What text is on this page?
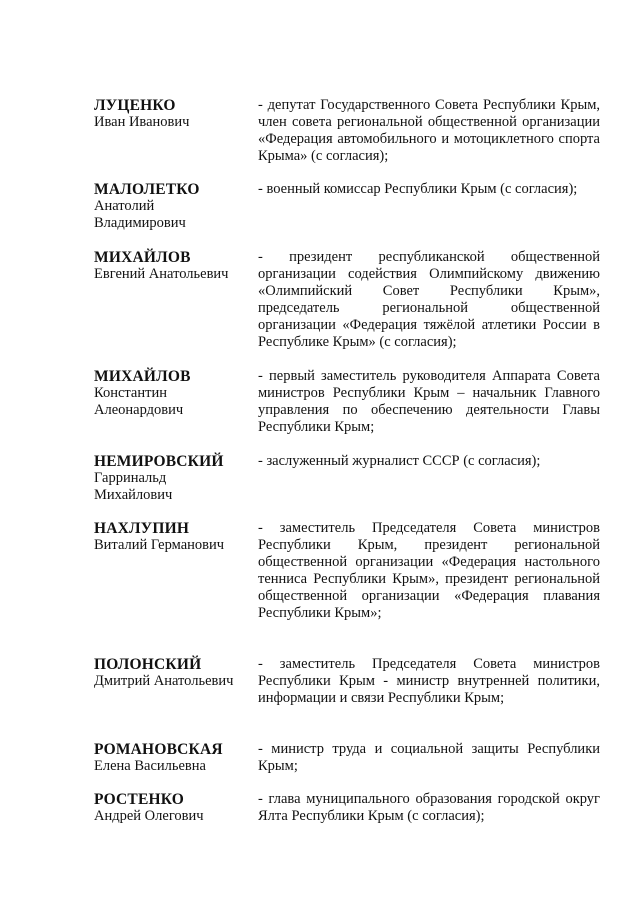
ЛУЦЕНКО
Иван Иванович
- депутат Государственного Совета Республики Крым, член совета региональной общественной организации «Федерация автомобильного и мотоциклетного спорта Крыма» (с согласия);
МАЛОЛЕТКО
Анатолий
Владимирович
- военный комиссар Республики Крым (с согласия);
МИХАЙЛОВ
Евгений Анатольевич
- президент республиканской общественной организации содействия Олимпийскому движению «Олимпийский Совет Республики Крым», председатель региональной общественной организации «Федерация тяжёлой атлетики России в Республике Крым» (с согласия);
МИХАЙЛОВ
Константин
Алеонардович
- первый заместитель руководителя Аппарата Совета министров Республики Крым – начальник Главного управления по обеспечению деятельности Главы Республики Крым;
НЕМИРОВСКИЙ
Гарринальд
Михайлович
- заслуженный журналист СССР (с согласия);
НАХЛУПИН
Виталий Германович
- заместитель Председателя Совета министров Республики Крым, президент региональной общественной организации «Федерация настольного тенниса Республики Крым», президент региональной общественной организации «Федерация плавания Республики Крым»;
ПОЛОНСКИЙ
Дмитрий Анатольевич
- заместитель Председателя Совета министров Республики Крым - министр внутренней политики, информации и связи Республики Крым;
РОМАНОВСКАЯ
Елена Васильевна
- министр труда и социальной защиты Республики Крым;
РОСТЕНКО
Андрей Олегович
- глава муниципального образования городской округ Ялта Республики Крым (с согласия);
